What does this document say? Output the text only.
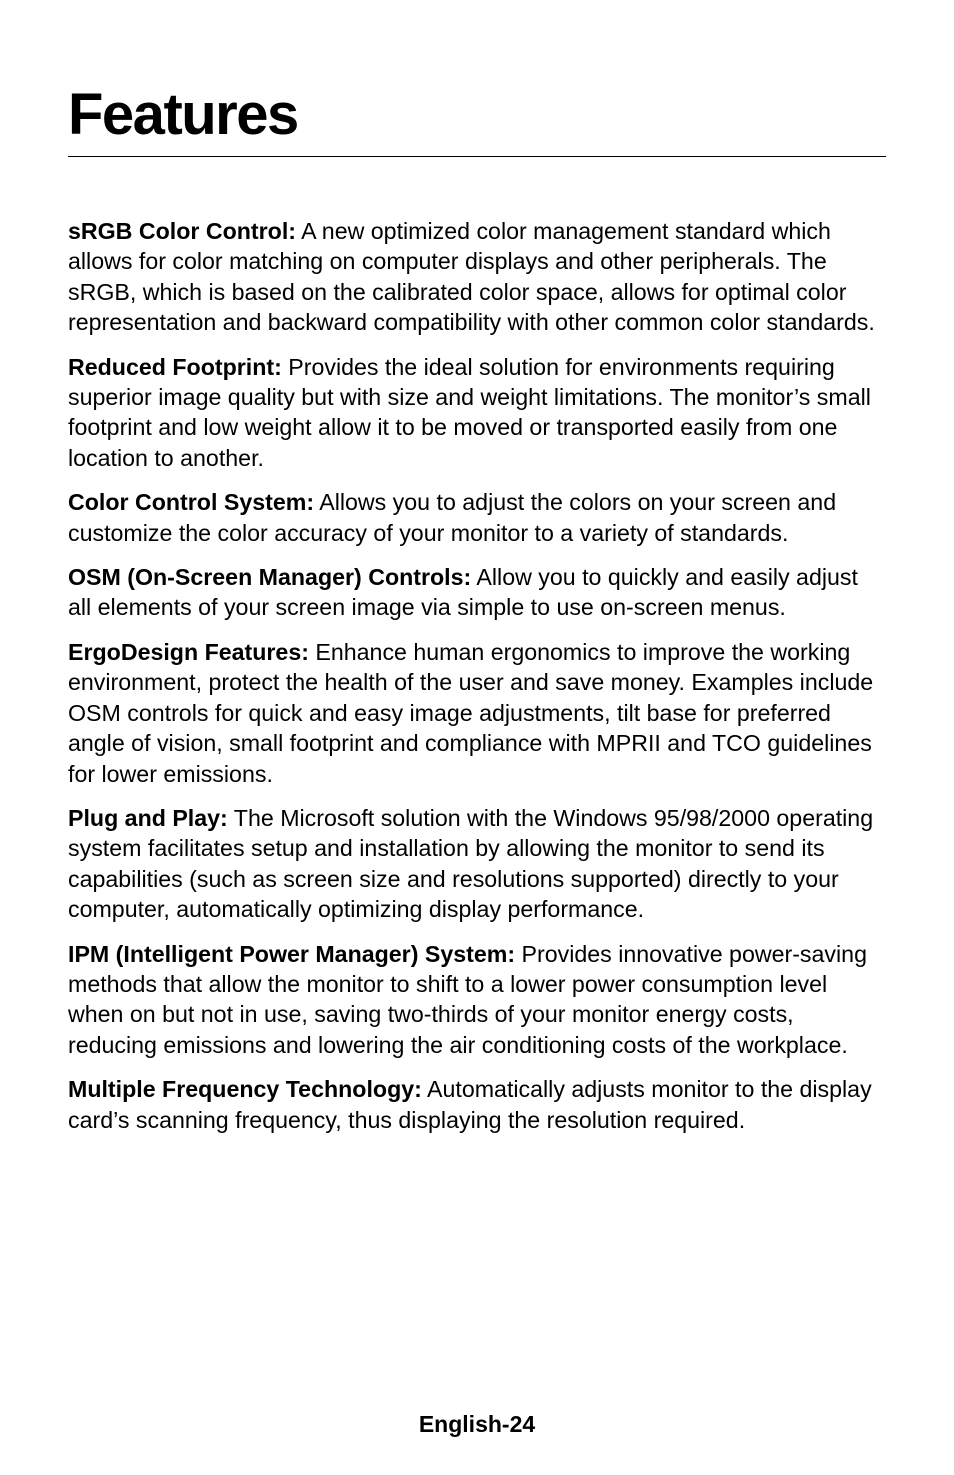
Features

sRGB Color Control: A new optimized color management standard which allows for color matching on computer displays and other peripherals. The sRGB, which is based on the calibrated color space, allows for optimal color representation and backward compatibility with other common color standards.

Reduced Footprint: Provides the ideal solution for environments requiring superior image quality but with size and weight limitations. The monitor’s small footprint and low weight allow it to be moved or transported easily from one location to another.

Color Control System: Allows you to adjust the colors on your screen and customize the color accuracy of your monitor to a variety of standards.

OSM (On-Screen Manager) Controls: Allow you to quickly and easily adjust all elements of your screen image via simple to use on-screen menus.

ErgoDesign Features: Enhance human ergonomics to improve the working environment, protect the health of the user and save money. Examples include OSM controls for quick and easy image adjustments, tilt base for preferred angle of vision, small footprint and compliance with MPRII and TCO guidelines for lower emissions.

Plug and Play: The Microsoft solution with the Windows 95/98/2000 operating system facilitates setup and installation by allowing the monitor to send its capabilities (such as screen size and resolutions supported) directly to your computer, automatically optimizing display performance.

IPM (Intelligent Power Manager) System: Provides innovative power-saving methods that allow the monitor to shift to a lower power consumption level when on but not in use, saving two-thirds of your monitor energy costs, reducing emissions and lowering the air conditioning costs of the workplace.

Multiple Frequency Technology: Automatically adjusts monitor to the display card’s scanning frequency, thus displaying the resolution required.

English-24
